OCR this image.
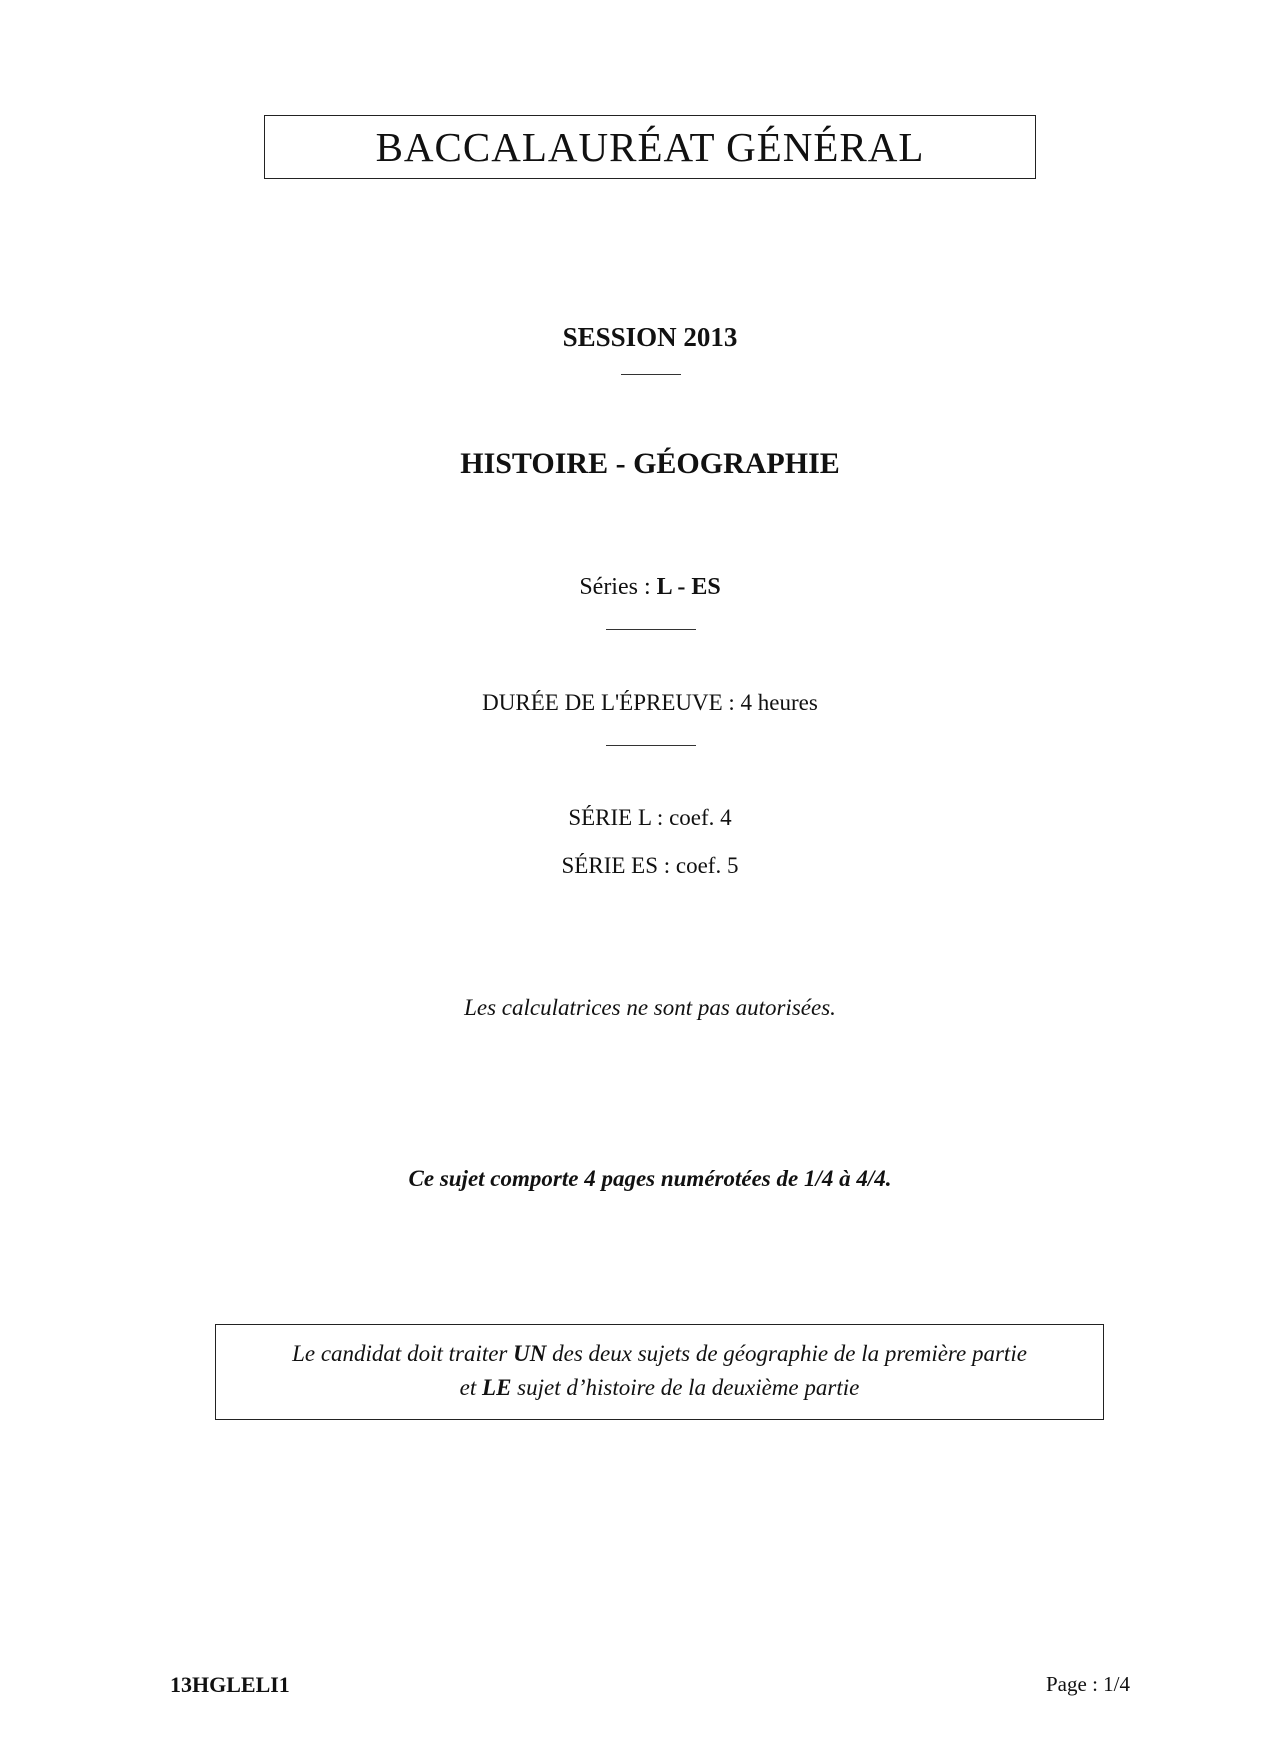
BACCALAURÉAT GÉNÉRAL
SESSION 2013
HISTOIRE - GÉOGRAPHIE
Séries : L - ES
DURÉE DE L'ÉPREUVE : 4 heures
SÉRIE L : coef. 4
SÉRIE ES : coef. 5
Les calculatrices ne sont pas autorisées.
Ce sujet comporte 4 pages numérotées de 1/4 à 4/4.
Le candidat doit traiter UN des deux sujets de géographie de la première partie
et LE sujet d’histoire de la deuxième partie
13HGLELI1	Page : 1/4
